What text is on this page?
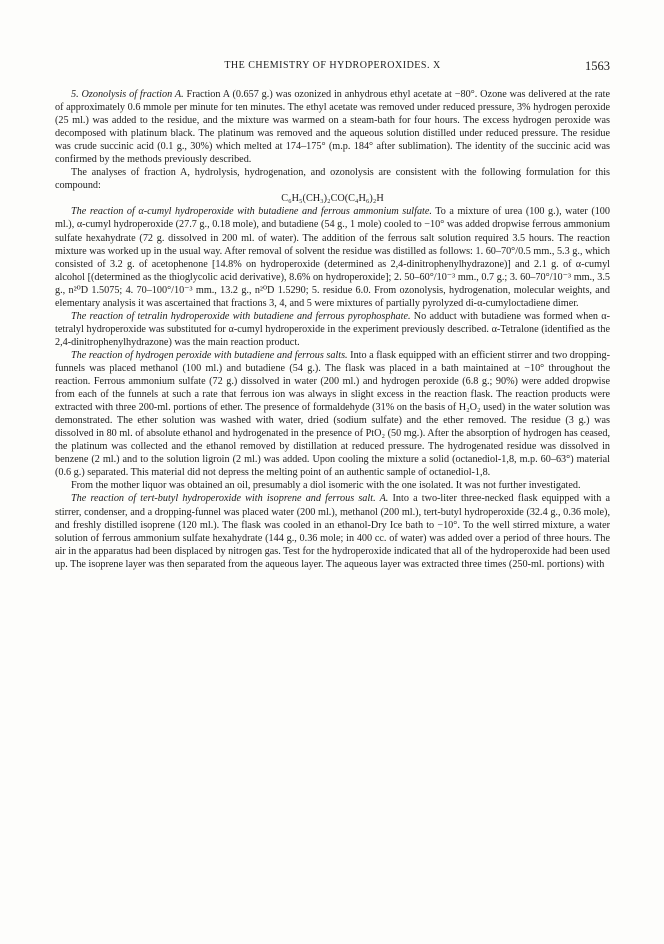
THE CHEMISTRY OF HYDROPEROXIDES. X	1563

5. Ozonolysis of fraction A. Fraction A (0.657 g.) was ozonized in anhydrous ethyl acetate at −80°. Ozone was delivered at the rate of approximately 0.6 mmole per minute for ten minutes. The ethyl acetate was removed under reduced pressure, 3% hydrogen peroxide (25 ml.) was added to the residue, and the mixture was warmed on a steam-bath for four hours. The excess hydrogen peroxide was decomposed with platinum black. The platinum was removed and the aqueous solution distilled under reduced pressure. The residue was crude succinic acid (0.1 g., 30%) which melted at 174–175° (m.p. 184° after sublimation). The identity of the succinic acid was confirmed by the methods previously described.

The analyses of fraction A, hydrolysis, hydrogenation, and ozonolysis are consistent with the following formulation for this compound:

C₆H₅(CH₃)₂CO(C₄H₆)₂H

The reaction of α-cumyl hydroperoxide with butadiene and ferrous ammonium sulfate. To a mixture of urea (100 g.), water (100 ml.), α-cumyl hydroperoxide (27.7 g., 0.18 mole), and butadiene (54 g., 1 mole) cooled to −10° was added dropwise ferrous ammonium sulfate hexahydrate (72 g. dissolved in 200 ml. of water). The addition of the ferrous salt solution required 3.5 hours. The reaction mixture was worked up in the usual way. After removal of solvent the residue was distilled as follows: 1. 60–70°/0.5 mm., 5.3 g., which consisted of 3.2 g. of acetophenone [14.8% on hydroperoxide (determined as 2,4-dinitrophenylhydrazone)] and 2.1 g. of α-cumyl alcohol [(determined as the thioglycolic acid derivative), 8.6% on hydroperoxide]; 2. 50–60°/10⁻³ mm., 0.7 g.; 3. 60–70°/10⁻³ mm., 3.5 g., n²⁰D 1.5075; 4. 70–100°/10⁻³ mm., 13.2 g., n²⁰D 1.5290; 5. residue 6.0. From ozonolysis, hydrogenation, molecular weights, and elementary analysis it was ascertained that fractions 3, 4, and 5 were mixtures of partially pyrolyzed di-α-cumyloctadiene dimer.

The reaction of tetralin hydroperoxide with butadiene and ferrous pyrophosphate. No adduct with butadiene was formed when α-tetralyl hydroperoxide was substituted for α-cumyl hydroperoxide in the experiment previously described. α-Tetralone (identified as the 2,4-dinitrophenylhydrazone) was the main reaction product.

The reaction of hydrogen peroxide with butadiene and ferrous salts. Into a flask equipped with an efficient stirrer and two dropping-funnels was placed methanol (100 ml.) and butadiene (54 g.). The flask was placed in a bath maintained at −10° throughout the reaction. Ferrous ammonium sulfate (72 g.) dissolved in water (200 ml.) and hydrogen peroxide (6.8 g.; 90%) were added dropwise from each of the funnels at such a rate that ferrous ion was always in slight excess in the reaction flask. The reaction products were extracted with three 200-ml. portions of ether. The presence of formaldehyde (31% on the basis of H₂O₂ used) in the water solution was demonstrated. The ether solution was washed with water, dried (sodium sulfate) and the ether removed. The residue (3 g.) was dissolved in 80 ml. of absolute ethanol and hydrogenated in the presence of PtO₂ (50 mg.). After the absorption of hydrogen has ceased, the platinum was collected and the ethanol removed by distillation at reduced pressure. The hydrogenated residue was dissolved in benzene (2 ml.) and to the solution ligroin (2 ml.) was added. Upon cooling the mixture a solid (octanediol-1,8, m.p. 60–63°) material (0.6 g.) separated. This material did not depress the melting point of an authentic sample of octanediol-1,8.

From the mother liquor was obtained an oil, presumably a diol isomeric with the one isolated. It was not further investigated.

The reaction of tert-butyl hydroperoxide with isoprene and ferrous salt. A. Into a two-liter three-necked flask equipped with a stirrer, condenser, and a dropping-funnel was placed water (200 ml.), methanol (200 ml.), tert-butyl hydroperoxide (32.4 g., 0.36 mole), and freshly distilled isoprene (120 ml.). The flask was cooled in an ethanol-Dry Ice bath to −10°. To the well stirred mixture, a water solution of ferrous ammonium sulfate hexahydrate (144 g., 0.36 mole; in 400 cc. of water) was added over a period of three hours. The air in the apparatus had been displaced by nitrogen gas. Test for the hydroperoxide indicated that all of the hydroperoxide had been used up. The isoprene layer was then separated from the aqueous layer. The aqueous layer was extracted three times (250-ml. portions) with
